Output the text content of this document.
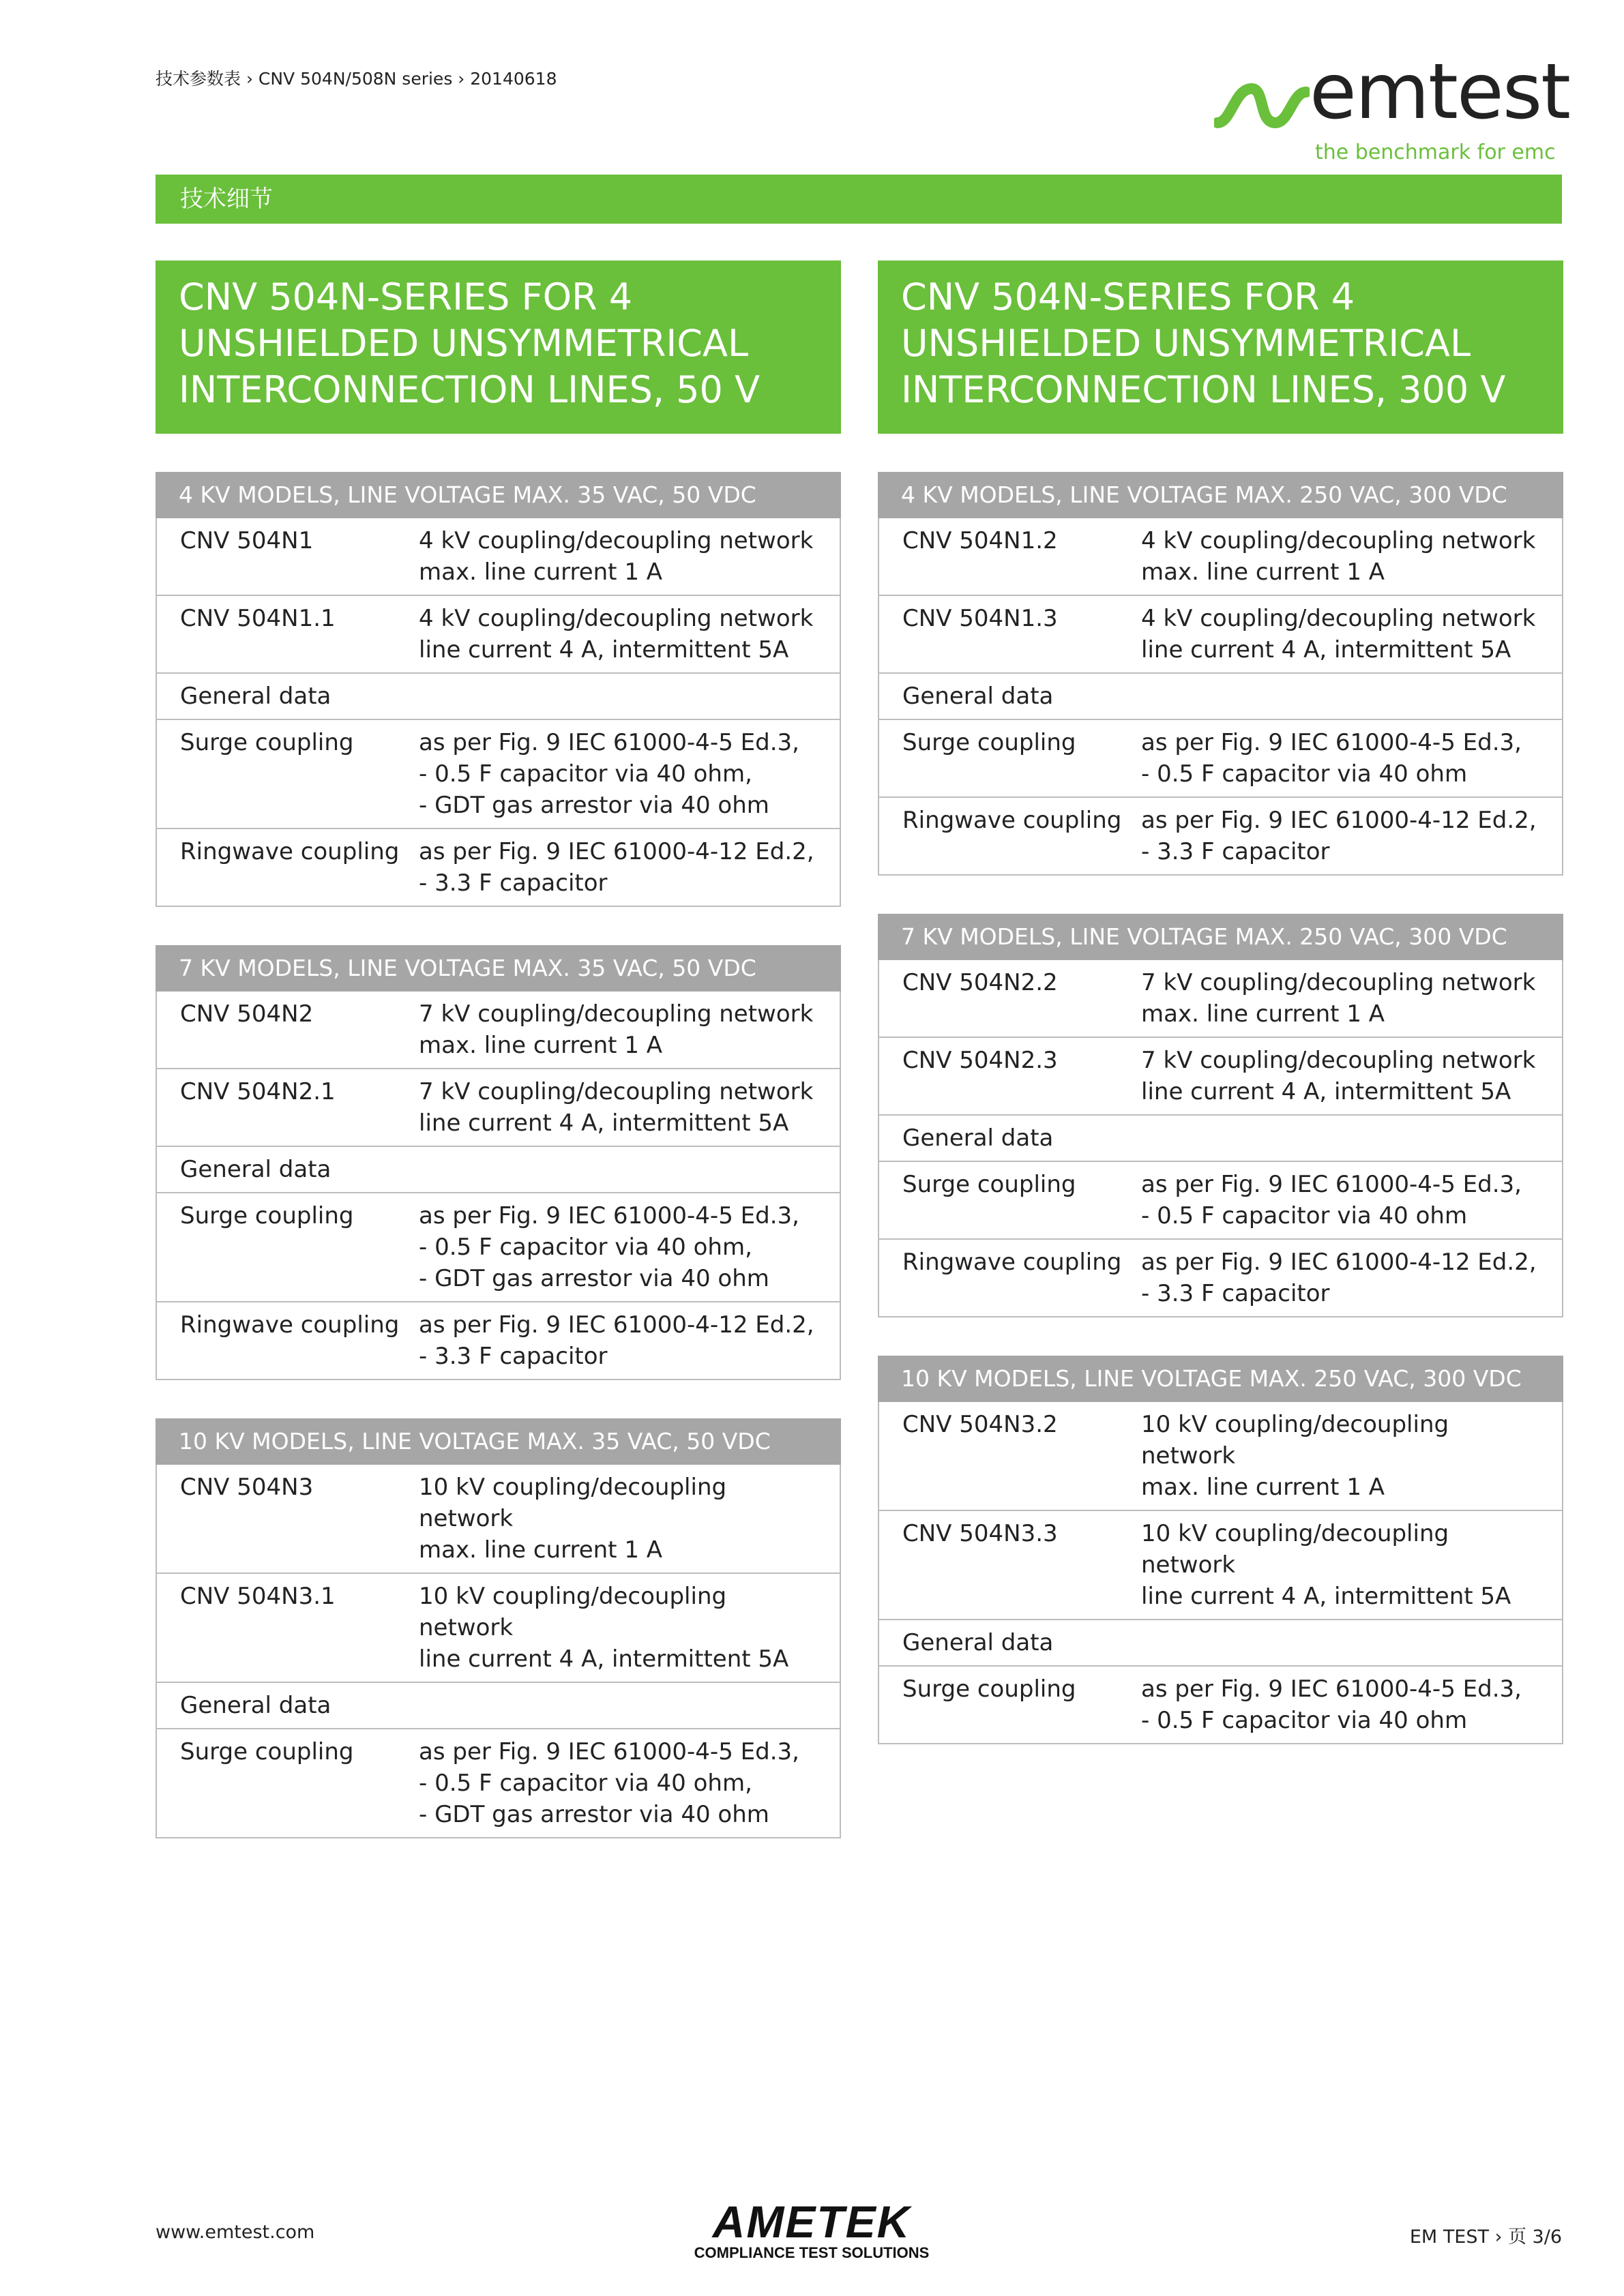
技术参数表 › CNV 504N/508N series › 20140618	emtest
the benchmark for emc
技术细节
CNV 504N-SERIES FOR 4 UNSHIELDED UNSYMMETRICAL INTERCONNECTION LINES, 50 V
4 KV MODELS, LINE VOLTAGE MAX. 35 VAC, 50 VDC
CNV 504N1	4 kV coupling/decoupling network
max. line current 1 A
CNV 504N1.1	4 kV coupling/decoupling network
line current 4 A, intermittent 5A
General data	
Surge coupling	as per Fig. 9 IEC 61000-4-5 Ed.3,
- 0.5 F capacitor via 40 ohm,
- GDT gas arrestor via 40 ohm
Ringwave coupling	as per Fig. 9 IEC 61000-4-12 Ed.2,
- 3.3 F capacitor
7 KV MODELS, LINE VOLTAGE MAX. 35 VAC, 50 VDC
CNV 504N2	7 kV coupling/decoupling network
max. line current 1 A
CNV 504N2.1	7 kV coupling/decoupling network
line current 4 A, intermittent 5A
General data	
Surge coupling	as per Fig. 9 IEC 61000-4-5 Ed.3,
- 0.5 F capacitor via 40 ohm,
- GDT gas arrestor via 40 ohm
Ringwave coupling	as per Fig. 9 IEC 61000-4-12 Ed.2,
- 3.3 F capacitor
10 KV MODELS, LINE VOLTAGE MAX. 35 VAC, 50 VDC
CNV 504N3	10 kV coupling/decoupling network
max. line current 1 A
CNV 504N3.1	10 kV coupling/decoupling network
line current 4 A, intermittent 5A
General data	
Surge coupling	as per Fig. 9 IEC 61000-4-5 Ed.3,
- 0.5 F capacitor via 40 ohm,
- GDT gas arrestor via 40 ohm
CNV 504N-SERIES FOR 4 UNSHIELDED UNSYMMETRICAL INTERCONNECTION LINES, 300 V
4 KV MODELS, LINE VOLTAGE MAX. 250 VAC, 300 VDC
CNV 504N1.2	4 kV coupling/decoupling network
max. line current 1 A
CNV 504N1.3	4 kV coupling/decoupling network
line current 4 A, intermittent 5A
General data	
Surge coupling	as per Fig. 9 IEC 61000-4-5 Ed.3,
- 0.5 F capacitor via 40 ohm
Ringwave coupling	as per Fig. 9 IEC 61000-4-12 Ed.2,
- 3.3 F capacitor
7 KV MODELS, LINE VOLTAGE MAX. 250 VAC, 300 VDC
CNV 504N2.2	7 kV coupling/decoupling network
max. line current 1 A
CNV 504N2.3	7 kV coupling/decoupling network
line current 4 A, intermittent 5A
General data	
Surge coupling	as per Fig. 9 IEC 61000-4-5 Ed.3,
- 0.5 F capacitor via 40 ohm
Ringwave coupling	as per Fig. 9 IEC 61000-4-12 Ed.2,
- 3.3 F capacitor
10 KV MODELS, LINE VOLTAGE MAX. 250 VAC, 300 VDC
CNV 504N3.2	10 kV coupling/decoupling network
max. line current 1 A
CNV 504N3.3	10 kV coupling/decoupling network
line current 4 A, intermittent 5A
General data	
Surge coupling	as per Fig. 9 IEC 61000-4-5 Ed.3,
- 0.5 F capacitor via 40 ohm
www.emtest.com	AMETEK
COMPLIANCE TEST SOLUTIONS
EM TEST › 页 3/6
